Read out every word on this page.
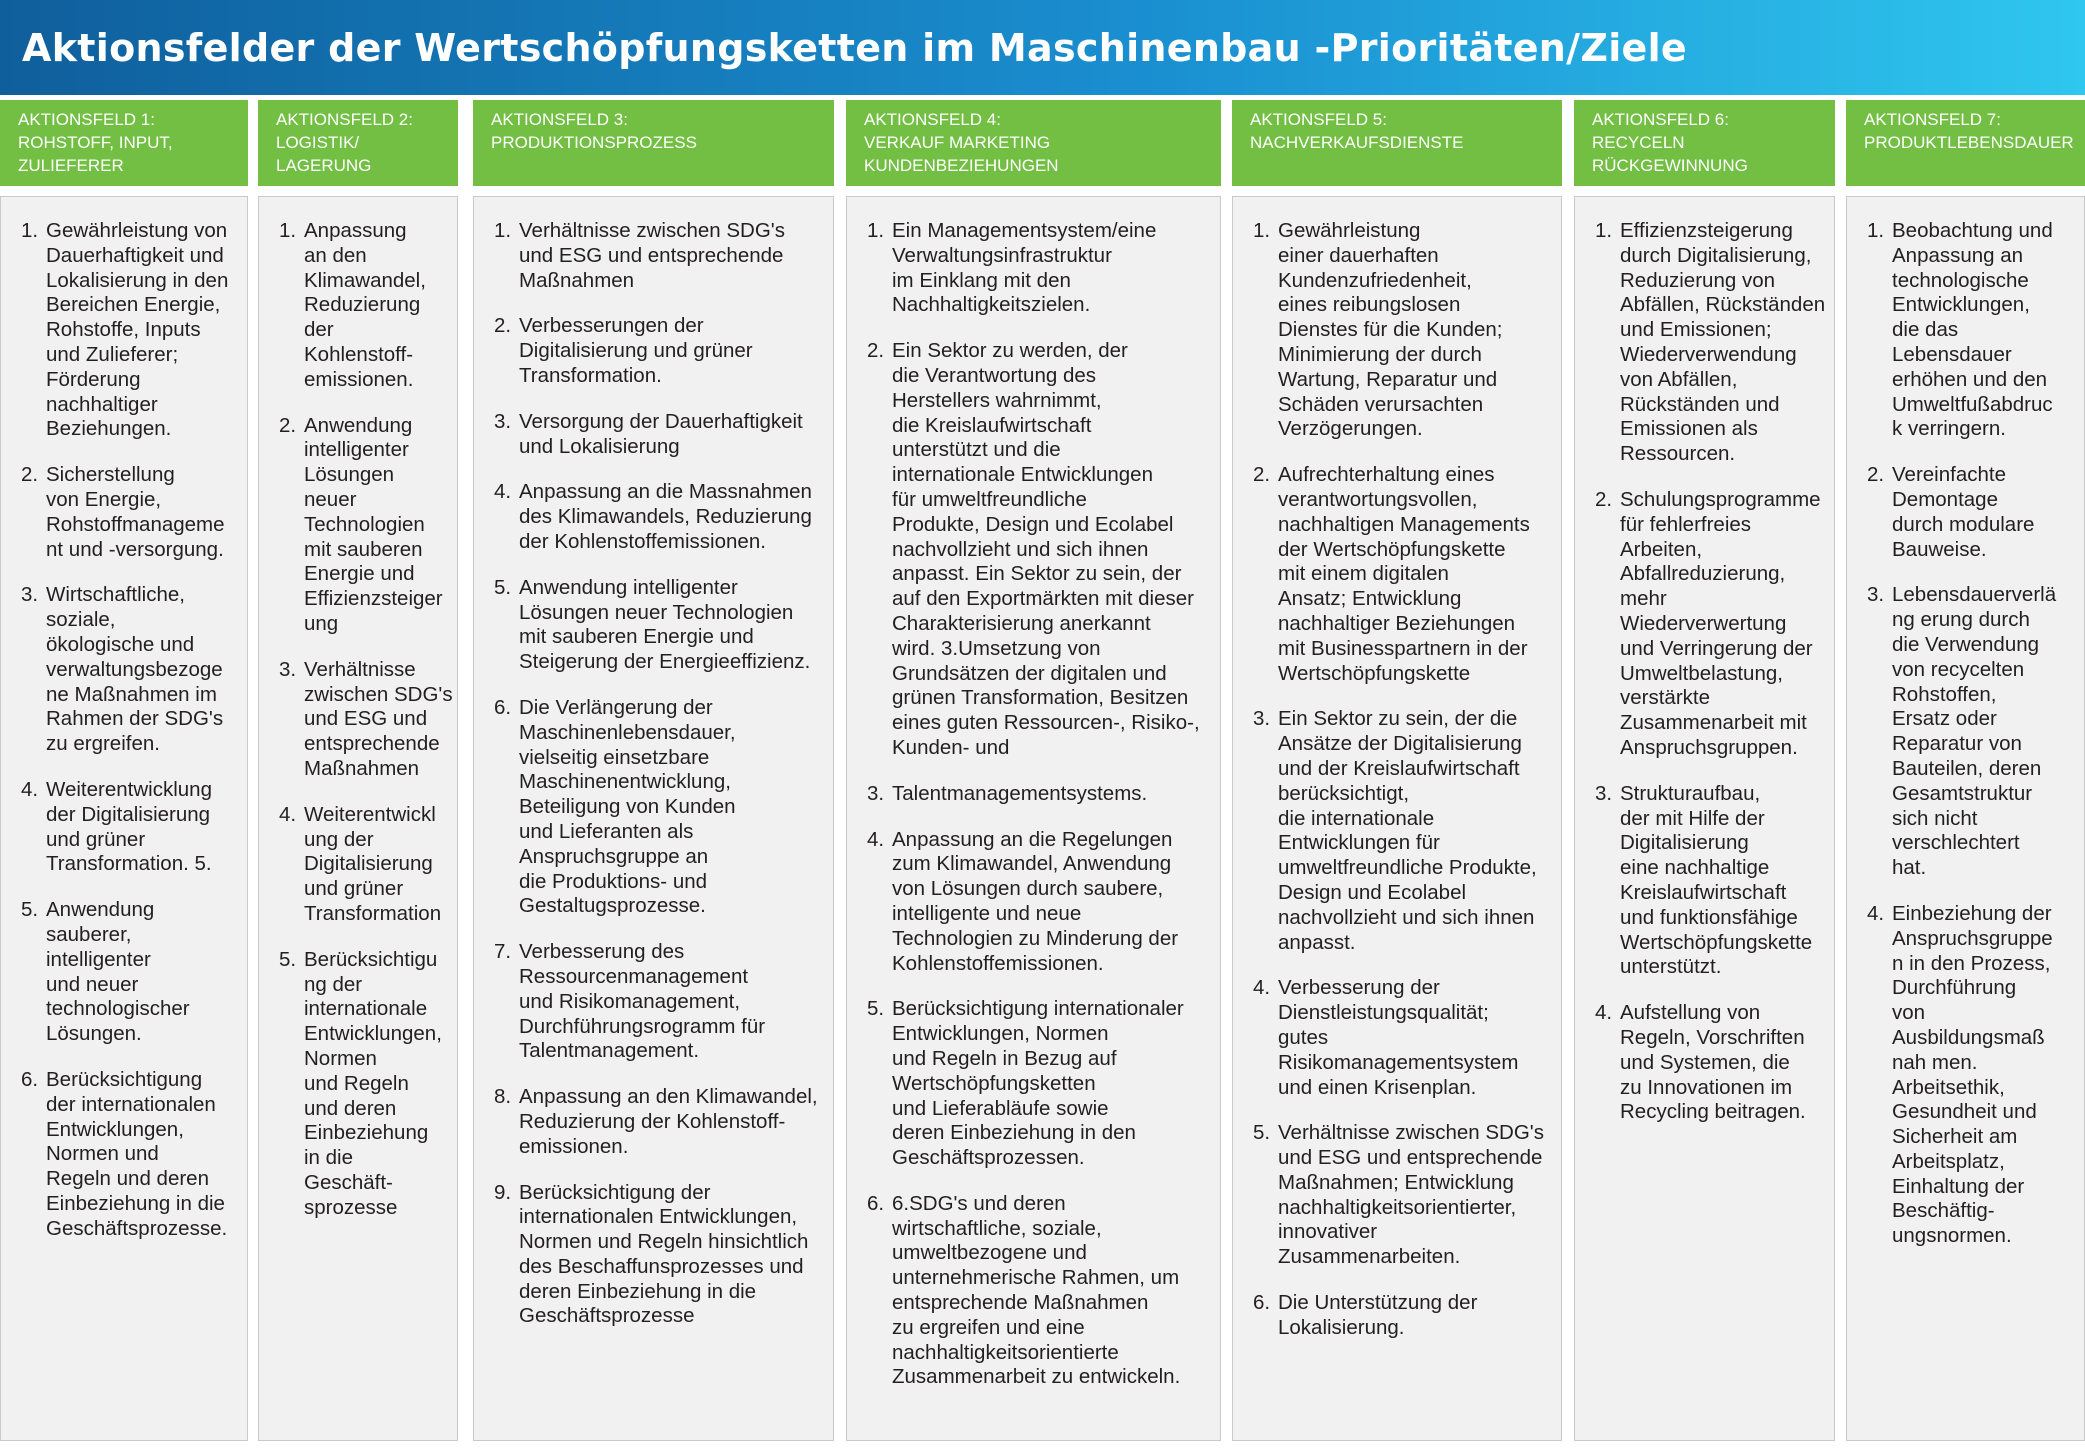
Aktionsfelder der Wertschöpfungsketten im Maschinenbau -Prioritäten/Ziele
AKTIONSFELD 1:
ROHSTOFF, INPUT,
ZULIEFERER
1. Gewährleistung von
Dauerhaftigkeit und
Lokalisierung in den
Bereichen Energie,
Rohstoffe, Inputs
und Zulieferer;
Förderung
nachhaltiger
Beziehungen.
2. Sicherstellung
von Energie,
Rohstoffmanageme
nt und -versorgung.
3. Wirtschaftliche,
soziale,
ökologische und
verwaltungsbezoge
ne Maßnahmen im
Rahmen der SDG's
zu ergreifen.
4. Weiterentwicklung
der Digitalisierung
und grüner
Transformation. 5.
5. Anwendung
sauberer,
intelligenter
und neuer
technologischer
Lösungen.
6. Berücksichtigung
der internationalen
Entwicklungen,
Normen und
Regeln und deren
Einbeziehung in die
Geschäftsprozesse.
AKTIONSFELD 2:
LOGISTIK/ LAGERUNG
1. Anpassung
an den
Klimawandel,
Reduzierung
der
Kohlenstoff-
emissionen.
2. Anwendung
intelligenter
Lösungen
neuer
Technologien
mit sauberen
Energie und
Effizienzsteiger
ung
3. Verhältnisse
zwischen SDG's
und ESG und
entsprechende
Maßnahmen
4. Weiterentwickl
ung der
Digitalisierung
und grüner
Transformation
5. Berücksichtigu
ng der
internationale
Entwicklungen,
Normen
und Regeln
und deren
Einbeziehung
in die
Geschäft-
sprozesse
AKTIONSFELD 3:
PRODUKTIONSPROZESS
1. Verhältnisse zwischen SDG's
und ESG und entsprechende
Maßnahmen
2. Verbesserungen der
Digitalisierung und grüner
Transformation.
3. Versorgung der Dauerhaftigkeit
und Lokalisierung
4. Anpassung an die Massnahmen
des Klimawandels, Reduzierung
der Kohlenstoffemissionen.
5. Anwendung intelligenter
Lösungen neuer Technologien
mit sauberen Energie und
Steigerung der Energieeffizienz.
6. Die Verlängerung der
Maschinenlebensdauer,
vielseitig einsetzbare
Maschinenentwicklung,
Beteiligung von Kunden
und Lieferanten als
Anspruchsgruppe an
die Produktions- und
Gestaltugsprozesse.
7. Verbesserung des
Ressourcenmanagement
und Risikomanagement,
Durchführungsrogramm für
Talentmanagement.
8. Anpassung an den Klimawandel,
Reduzierung der Kohlenstoff-
emissionen.
9. Berücksichtigung der
internationalen Entwicklungen,
Normen und Regeln hinsichtlich
des Beschaffunsprozesses und
deren Einbeziehung in die
Geschäftsprozesse
AKTIONSFELD 4:
VERKAUF MARKETING
KUNDENBEZIEHUNGEN
1. Ein Managementsystem/eine
Verwaltungsinfrastruktur
im Einklang mit den
Nachhaltigkeitszielen.
2. Ein Sektor zu werden, der
die Verantwortung des
Herstellers wahrnimmt,
die Kreislaufwirtschaft
unterstützt und die
internationale Entwicklungen
für umweltfreundliche
Produkte, Design und Ecolabel
nachvollzieht und sich ihnen
anpasst. Ein Sektor zu sein, der
auf den Exportmärkten mit dieser
Charakterisierung anerkannt
wird. 3.Umsetzung von
Grundsätzen der digitalen und
grünen Transformation, Besitzen
eines guten Ressourcen-, Risiko-,
Kunden- und
3. Talentmanagementsystems.
4. Anpassung an die Regelungen
zum Klimawandel, Anwendung
von Lösungen durch saubere,
intelligente und neue
Technologien zu Minderung der
Kohlenstoffemissionen.
5. Berücksichtigung internationaler
Entwicklungen, Normen
und Regeln in Bezug auf
Wertschöpfungsketten
und Lieferabläufe sowie
deren Einbeziehung in den
Geschäftsprozessen.
6. 6.SDG's und deren
wirtschaftliche, soziale,
umweltbezogene und
unternehmerische Rahmen, um
entsprechende Maßnahmen
zu ergreifen und eine
nachhaltigkeitsorientierte
Zusammenarbeit zu entwickeln.
AKTIONSFELD 5:
NACHVERKAUFSDIENSTE
1. Gewährleistung
einer dauerhaften
Kundenzufriedenheit,
eines reibungslosen
Dienstes für die Kunden;
Minimierung der durch
Wartung, Reparatur und
Schäden verursachten
Verzögerungen.
2. Aufrechterhaltung eines
verantwortungsvollen,
nachhaltigen Managements
der Wertschöpfungskette
mit einem digitalen
Ansatz; Entwicklung
nachhaltiger Beziehungen
mit Businesspartnern in der
Wertschöpfungskette
3. Ein Sektor zu sein, der die
Ansätze der Digitalisierung
und der Kreislaufwirtschaft
berücksichtigt,
die internationale
Entwicklungen für
umweltfreundliche Produkte,
Design und Ecolabel
nachvollzieht und sich ihnen
anpasst.
4. Verbesserung der
Dienstleistungsqualität;
gutes
Risikomanagementsystem
und einen Krisenplan.
5. Verhältnisse zwischen SDG's
und ESG und entsprechende
Maßnahmen; Entwicklung
nachhaltigkeitsorientierter,
innovativer
Zusammenarbeiten.
6. Die Unterstützung der
Lokalisierung.
AKTIONSFELD 6:
RECYCELN
RÜCKGEWINNUNG
1. Effizienzsteigerung
durch Digitalisierung,
Reduzierung von
Abfällen, Rückständen
und Emissionen;
Wiederverwendung
von Abfällen,
Rückständen und
Emissionen als
Ressourcen.
2. Schulungsprogramme
für fehlerfreies
Arbeiten,
Abfallreduzierung,
mehr
Wiederverwertung
und Verringerung der
Umweltbelastung,
verstärkte
Zusammenarbeit mit
Anspruchsgruppen.
3. Strukturaufbau,
der mit Hilfe der
Digitalisierung
eine nachhaltige
Kreislaufwirtschaft
und funktionsfähige
Wertschöpfungskette
unterstützt.
4. Aufstellung von
Regeln, Vorschriften
und Systemen, die
zu Innovationen im
Recycling beitragen.
AKTIONSFELD 7:
PRODUKTLEBENSDAUER
1. Beobachtung und
Anpassung an
technologische
Entwicklungen,
die das
Lebensdauer
erhöhen und den
Umweltfußabdruc
k verringern.
2. Vereinfachte
Demontage
durch modulare
Bauweise.
3. Lebensdauerverlä
ng erung durch
die Verwendung
von recycelten
Rohstoffen,
Ersatz oder
Reparatur von
Bauteilen, deren
Gesamtstruktur
sich nicht
verschlechtert
hat.
4. Einbeziehung der
Anspruchsgruppe
n in den Prozess,
Durchführung
von
Ausbildungsmaß
nah men.
Arbeitsethik,
Gesundheit und
Sicherheit am
Arbeitsplatz,
Einhaltung der
Beschäftig-
ungsnormen.
